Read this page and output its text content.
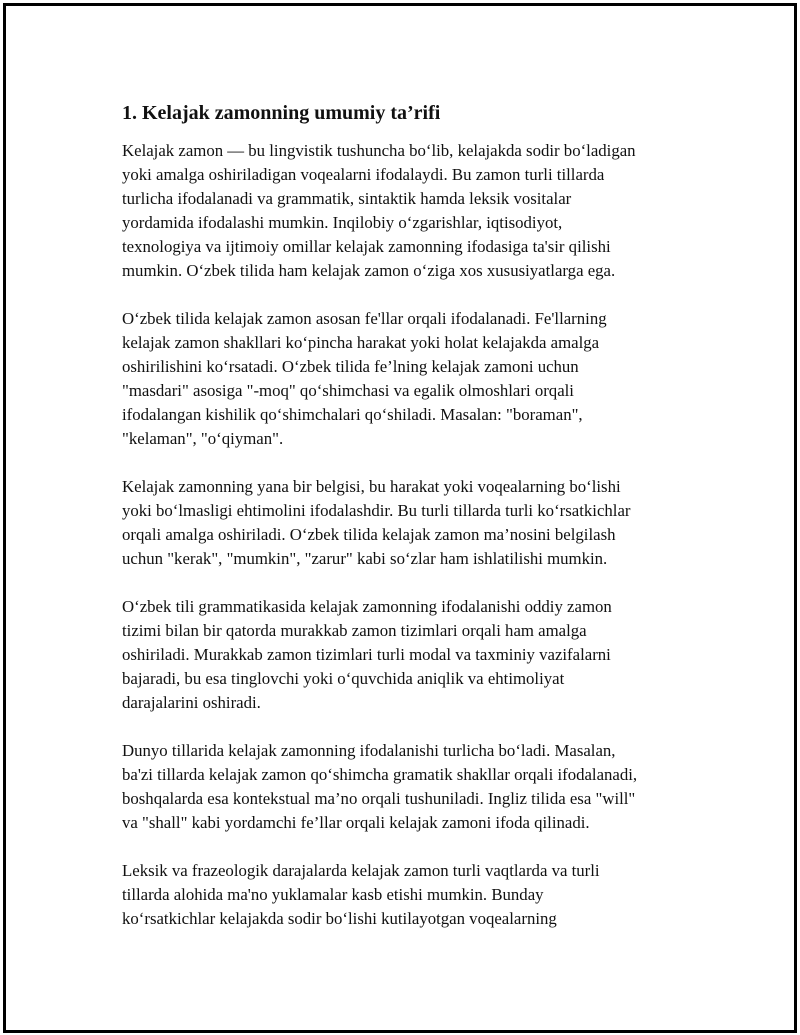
1. Kelajak zamonning umumiy ta’rifi
Kelajak zamon — bu lingvistik tushuncha boʻlib, kelajakda sodir boʻladigan
yoki amalga oshiriladigan voqealarni ifodalaydi. Bu zamon turli tillarda
turlicha ifodalanadi va grammatik, sintaktik hamda leksik vositalar
yordamida ifodalashi mumkin. Inqilobiy oʻzgarishlar, iqtisodiyot,
texnologiya va ijtimoiy omillar kelajak zamonning ifodasiga ta'sir qilishi
mumkin. Oʻzbek tilida ham kelajak zamon oʻziga xos xususiyatlarga ega.
Oʻzbek tilida kelajak zamon asosan fe'llar orqali ifodalanadi. Fe'llarning
kelajak zamon shakllari koʻpincha harakat yoki holat kelajakda amalga
oshirilishini koʻrsatadi. Oʻzbek tilida fe’lning kelajak zamoni uchun
"masdari" asosiga "-moq" qoʻshimchasi va egalik olmoshlari orqali
ifodalangan kishilik qoʻshimchalari qoʻshiladi. Masalan: "boraman",
"kelaman", "oʻqiyman".
Kelajak zamonning yana bir belgisi, bu harakat yoki voqealarning boʻlishi
yoki boʻlmasligi ehtimolini ifodalashdir. Bu turli tillarda turli koʻrsatkichlar
orqali amalga oshiriladi. Oʻzbek tilida kelajak zamon ma’nosini belgilash
uchun "kerak", "mumkin", "zarur" kabi soʻzlar ham ishlatilishi mumkin.
Oʻzbek tili grammatikasida kelajak zamonning ifodalanishi oddiy zamon
tizimi bilan bir qatorda murakkab zamon tizimlari orqali ham amalga
oshiriladi. Murakkab zamon tizimlari turli modal va taxminiy vazifalarni
bajaradi, bu esa tinglovchi yoki oʻquvchida aniqlik va ehtimoliyat
darajalarini oshiradi.
Dunyo tillarida kelajak zamonning ifodalanishi turlicha boʻladi. Masalan,
ba'zi tillarda kelajak zamon qoʻshimcha gramatik shakllar orqali ifodalanadi,
boshqalarda esa kontekstual ma’no orqali tushuniladi. Ingliz tilida esa "will"
va "shall" kabi yordamchi fe’llar orqali kelajak zamoni ifoda qilinadi.
Leksik va frazeologik darajalarda kelajak zamon turli vaqtlarda va turli
tillarda alohida ma'no yuklamalar kasb etishi mumkin. Bunday
koʻrsatkichlar kelajakda sodir boʻlishi kutilayotgan voqealarning
